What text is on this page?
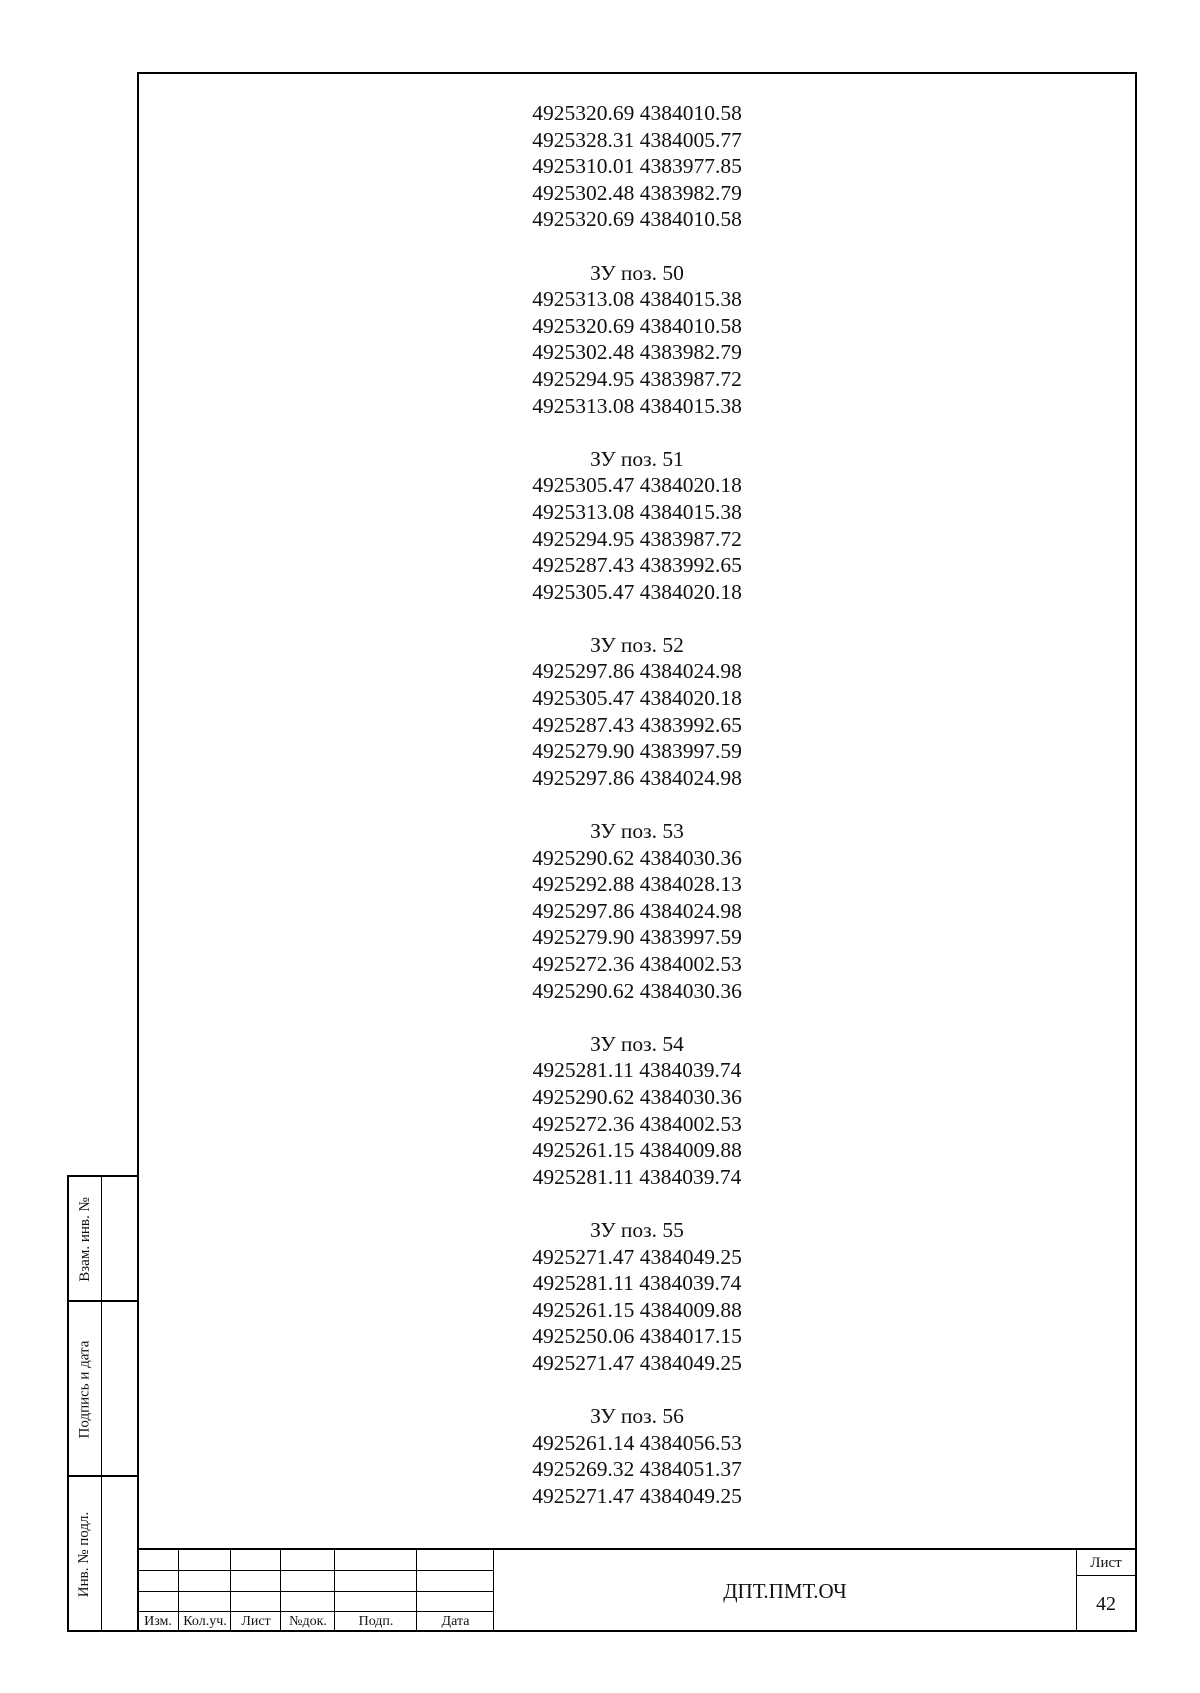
4925320.69 4384010.58
4925328.31 4384005.77
4925310.01 4383977.85
4925302.48 4383982.79
4925320.69 4384010.58
ЗУ поз. 50
4925313.08 4384015.38
4925320.69 4384010.58
4925302.48 4383982.79
4925294.95 4383987.72
4925313.08 4384015.38
ЗУ поз. 51
4925305.47 4384020.18
4925313.08 4384015.38
4925294.95 4383987.72
4925287.43 4383992.65
4925305.47 4384020.18
ЗУ поз. 52
4925297.86 4384024.98
4925305.47 4384020.18
4925287.43 4383992.65
4925279.90 4383997.59
4925297.86 4384024.98
ЗУ поз. 53
4925290.62 4384030.36
4925292.88 4384028.13
4925297.86 4384024.98
4925279.90 4383997.59
4925272.36 4384002.53
4925290.62 4384030.36
ЗУ поз. 54
4925281.11 4384039.74
4925290.62 4384030.36
4925272.36 4384002.53
4925261.15 4384009.88
4925281.11 4384039.74
ЗУ поз. 55
4925271.47 4384049.25
4925281.11 4384039.74
4925261.15 4384009.88
4925250.06 4384017.15
4925271.47 4384049.25
ЗУ поз. 56
4925261.14 4384056.53
4925269.32 4384051.37
4925271.47 4384049.25
Взам. инв. №
Подпись и дата
Инв. № подл.
Изм. Кол.уч.	Лист	№док.	Подп.	Дата
ДПТ.ПМТ.ОЧ
Лист
42
